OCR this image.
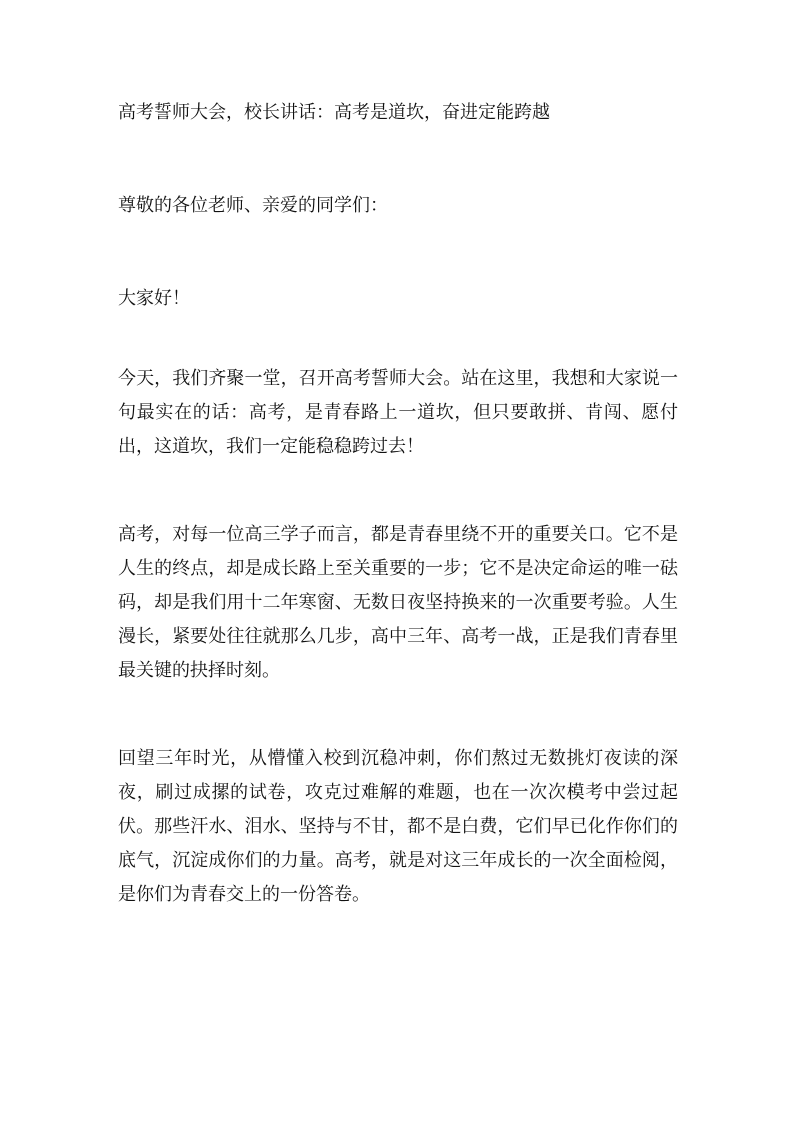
高考誓师大会，校长讲话：高考是道坎，奋进定能跨越

尊敬的各位老师、亲爱的同学们：

大家好！

今天，我们齐聚一堂，召开高考誓师大会。站在这里，我想和大家说一句最实在的话：高考，是青春路上一道坎，但只要敢拼、肯闯、愿付出，这道坎，我们一定能稳稳跨过去！

高考，对每一位高三学子而言，都是青春里绕不开的重要关口。它不是人生的终点，却是成长路上至关重要的一步；它不是决定命运的唯一砝码，却是我们用十二年寒窗、无数日夜坚持换来的一次重要考验。人生漫长，紧要处往往就那么几步，高中三年、高考一战，正是我们青春里最关键的抉择时刻。

回望三年时光，从懵懂入校到沉稳冲刺，你们熬过无数挑灯夜读的深夜，刷过成摞的试卷，攻克过难解的难题，也在一次次模考中尝过起伏。那些汗水、泪水、坚持与不甘，都不是白费，它们早已化作你们的底气，沉淀成你们的力量。高考，就是对这三年成长的一次全面检阅，是你们为青春交上的一份答卷。
